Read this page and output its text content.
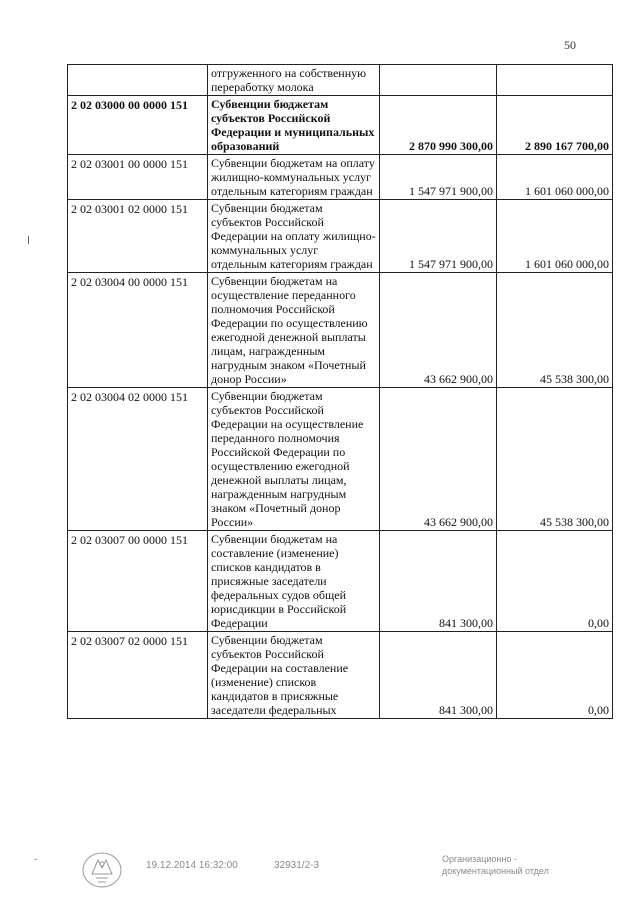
50
	отгруженного на собственную переработку молока		
2 02 03000 00 0000 151	Субвенции бюджетам субъектов Российской Федерации и муниципальных образований	2 870 990 300,00	2 890 167 700,00
2 02 03001 00 0000 151	Субвенции бюджетам на оплату жилищно-коммунальных услуг отдельным категориям граждан	1 547 971 900,00	1 601 060 000,00
2 02 03001 02 0000 151	Субвенции бюджетам субъектов Российской Федерации на оплату жилищно-коммунальных услуг отдельным категориям граждан	1 547 971 900,00	1 601 060 000,00
2 02 03004 00 0000 151	Субвенции бюджетам на осуществление переданного полномочия Российской Федерации по осуществлению ежегодной денежной выплаты лицам, награжденным нагрудным знаком «Почетный донор России»	43 662 900,00	45 538 300,00
2 02 03004 02 0000 151	Субвенции бюджетам субъектов Российской Федерации на осуществление переданного полномочия Российской Федерации по осуществлению ежегодной денежной выплаты лицам, награжденным нагрудным знаком «Почетный донор России»	43 662 900,00	45 538 300,00
2 02 03007 00 0000 151	Субвенции бюджетам на составление (изменение) списков кандидатов в присяжные заседатели федеральных судов общей юрисдикции в Российской Федерации	841 300,00	0,00
2 02 03007 02 0000 151	Субвенции бюджетам субъектов Российской Федерации на составление (изменение) списков кандидатов в присяжные заседатели федеральных	841 300,00	0,00
19.12.2014 16:32:00	32931/2-3
Организационно -
документационный отдел
˘
